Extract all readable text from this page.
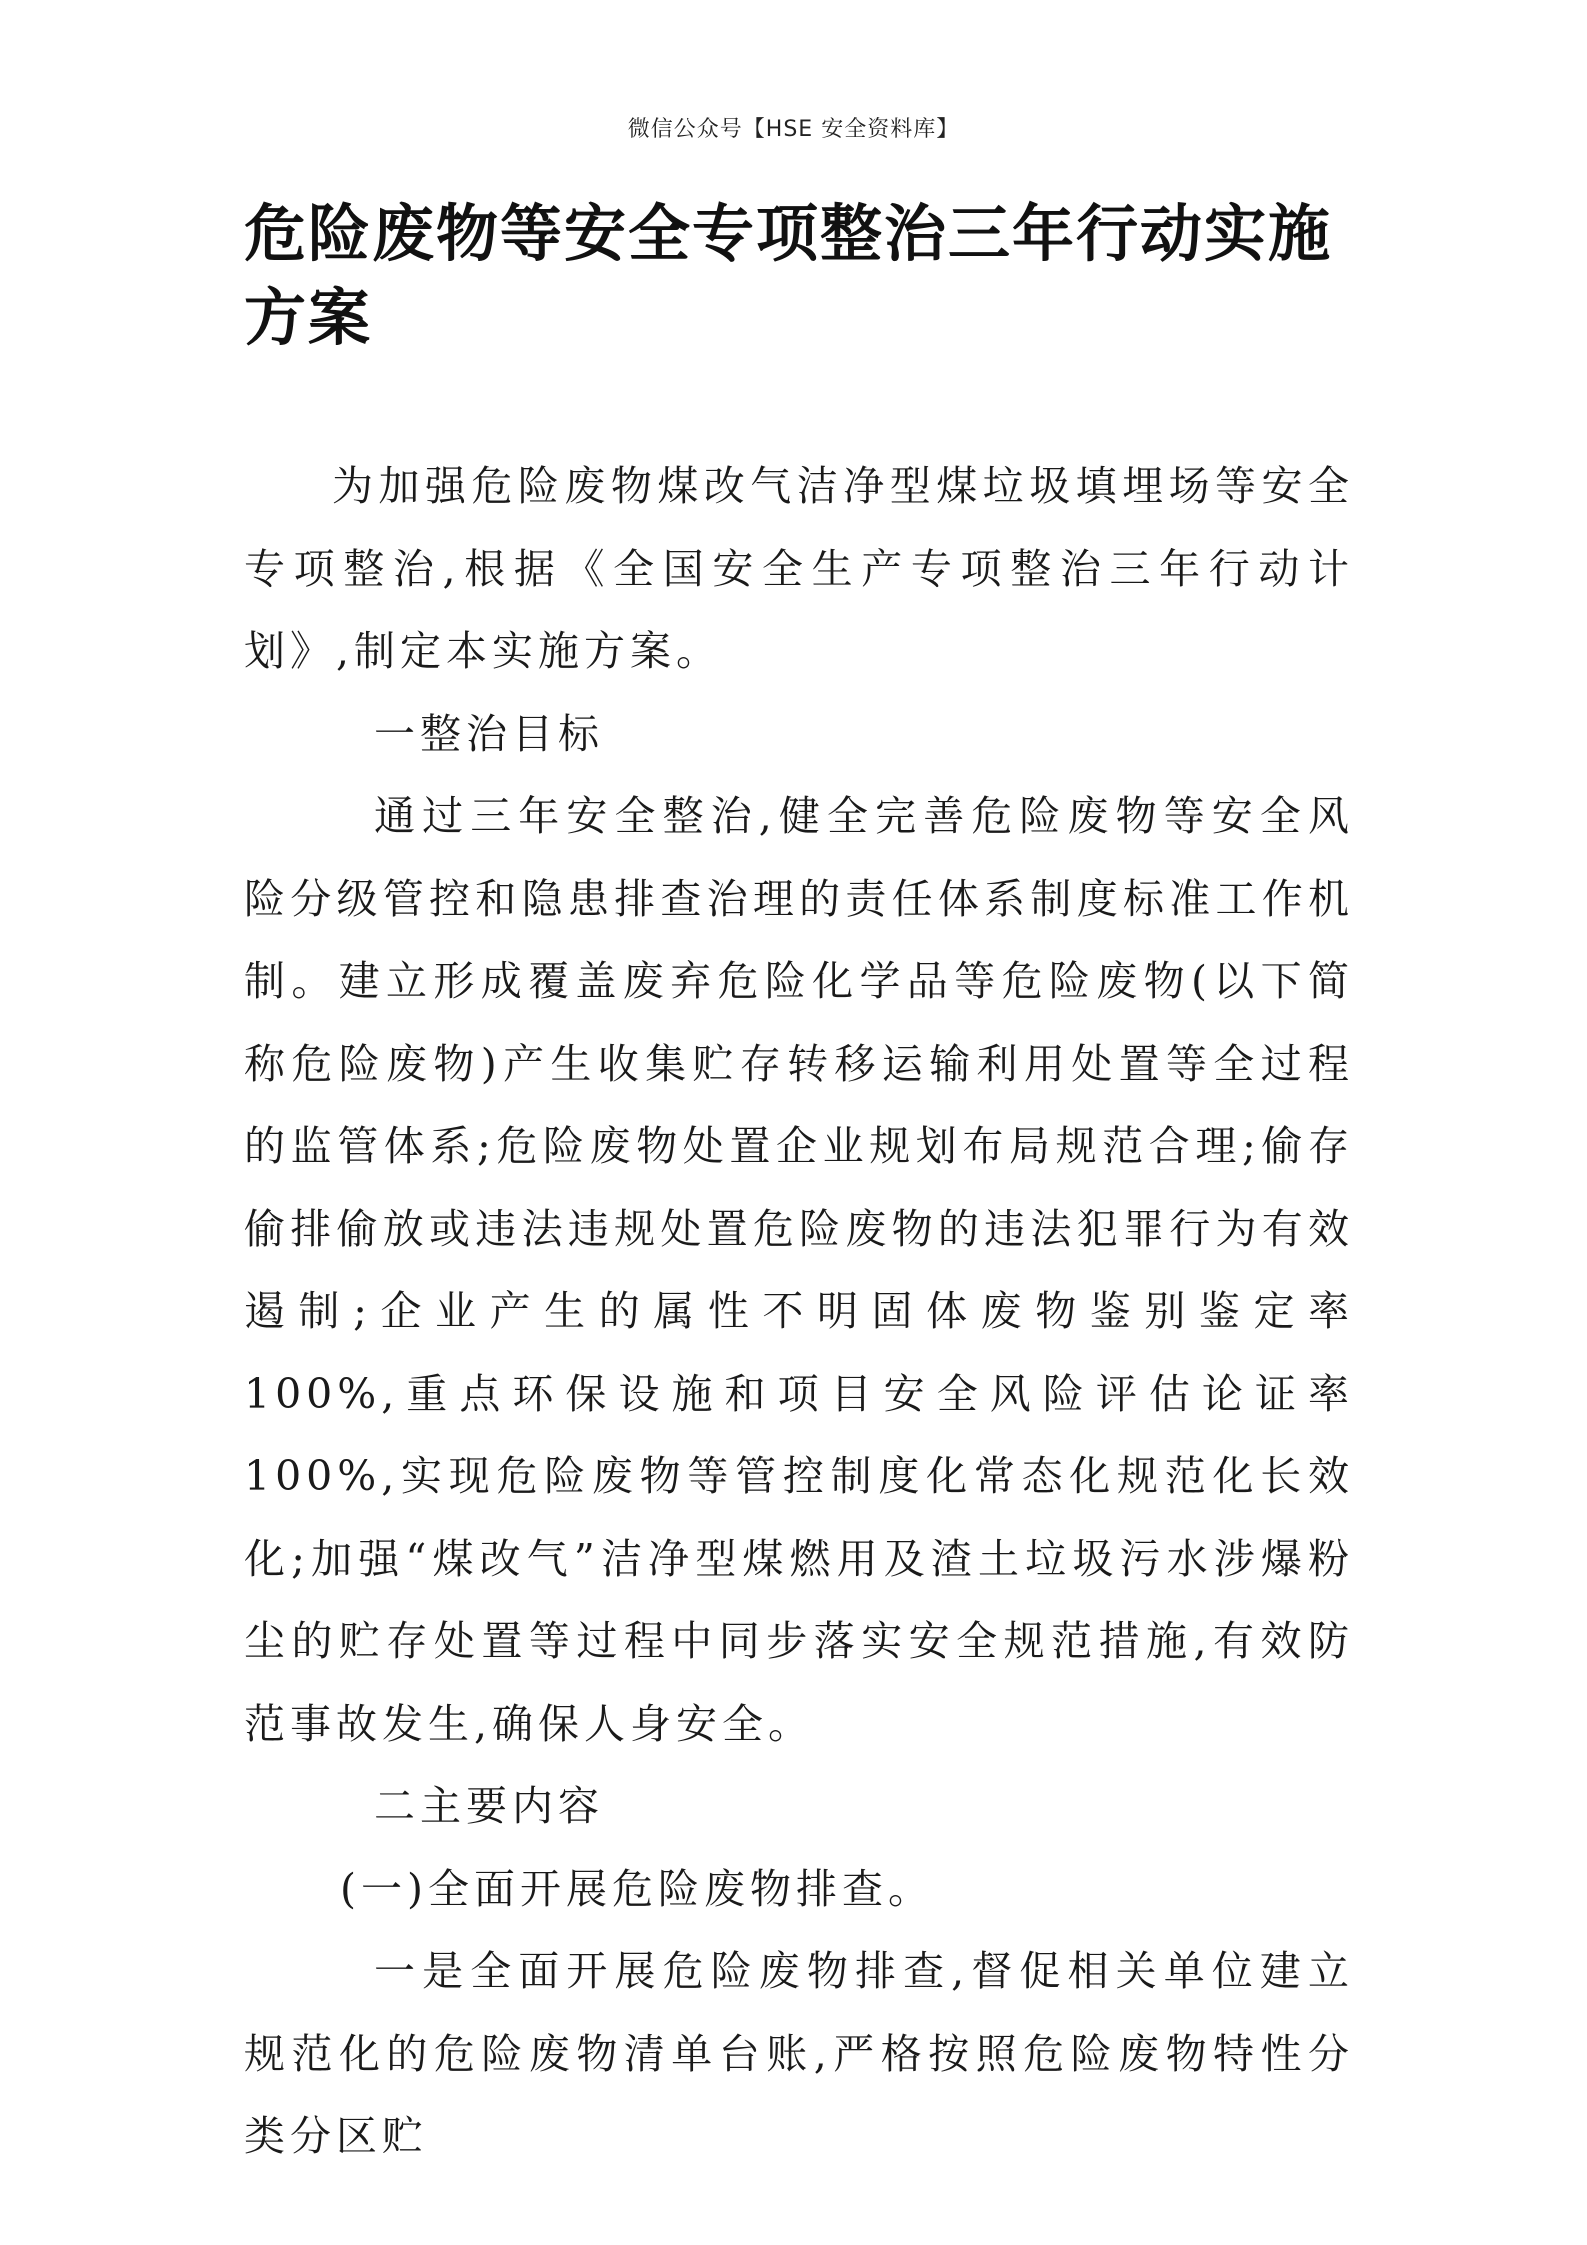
微信公众号【HSE 安全资料库】
危险废物等安全专项整治三年行动实施方案

为加强危险废物煤改气洁净型煤垃圾填埋场等安全专项整治,根据《全国安全生产专项整治三年行动计划》,制定本实施方案。

一整治目标

通过三年安全整治,健全完善危险废物等安全风险分级管控和隐患排查治理的责任体系制度标准工作机制。建立形成覆盖废弃危险化学品等危险废物(以下简称危险废物)产生收集贮存转移运输利用处置等全过程的监管体系;危险废物处置企业规划布局规范合理;偷存偷排偷放或违法违规处置危险废物的违法犯罪行为有效遏制;企业产生的属性不明固体废物鉴别鉴定率 100%,重点环保设施和项目安全风险评估论证率 100%,实现危险废物等管控制度化常态化规范化长效化;加强“煤改气”洁净型煤燃用及渣土垃圾污水涉爆粉尘的贮存处置等过程中同步落实安全规范措施,有效防范事故发生,确保人身安全。

二主要内容

(一)全面开展危险废物排查。

一是全面开展危险废物排查,督促相关单位建立规范化的危险废物清单台账,严格按照危险废物特性分类分区贮
